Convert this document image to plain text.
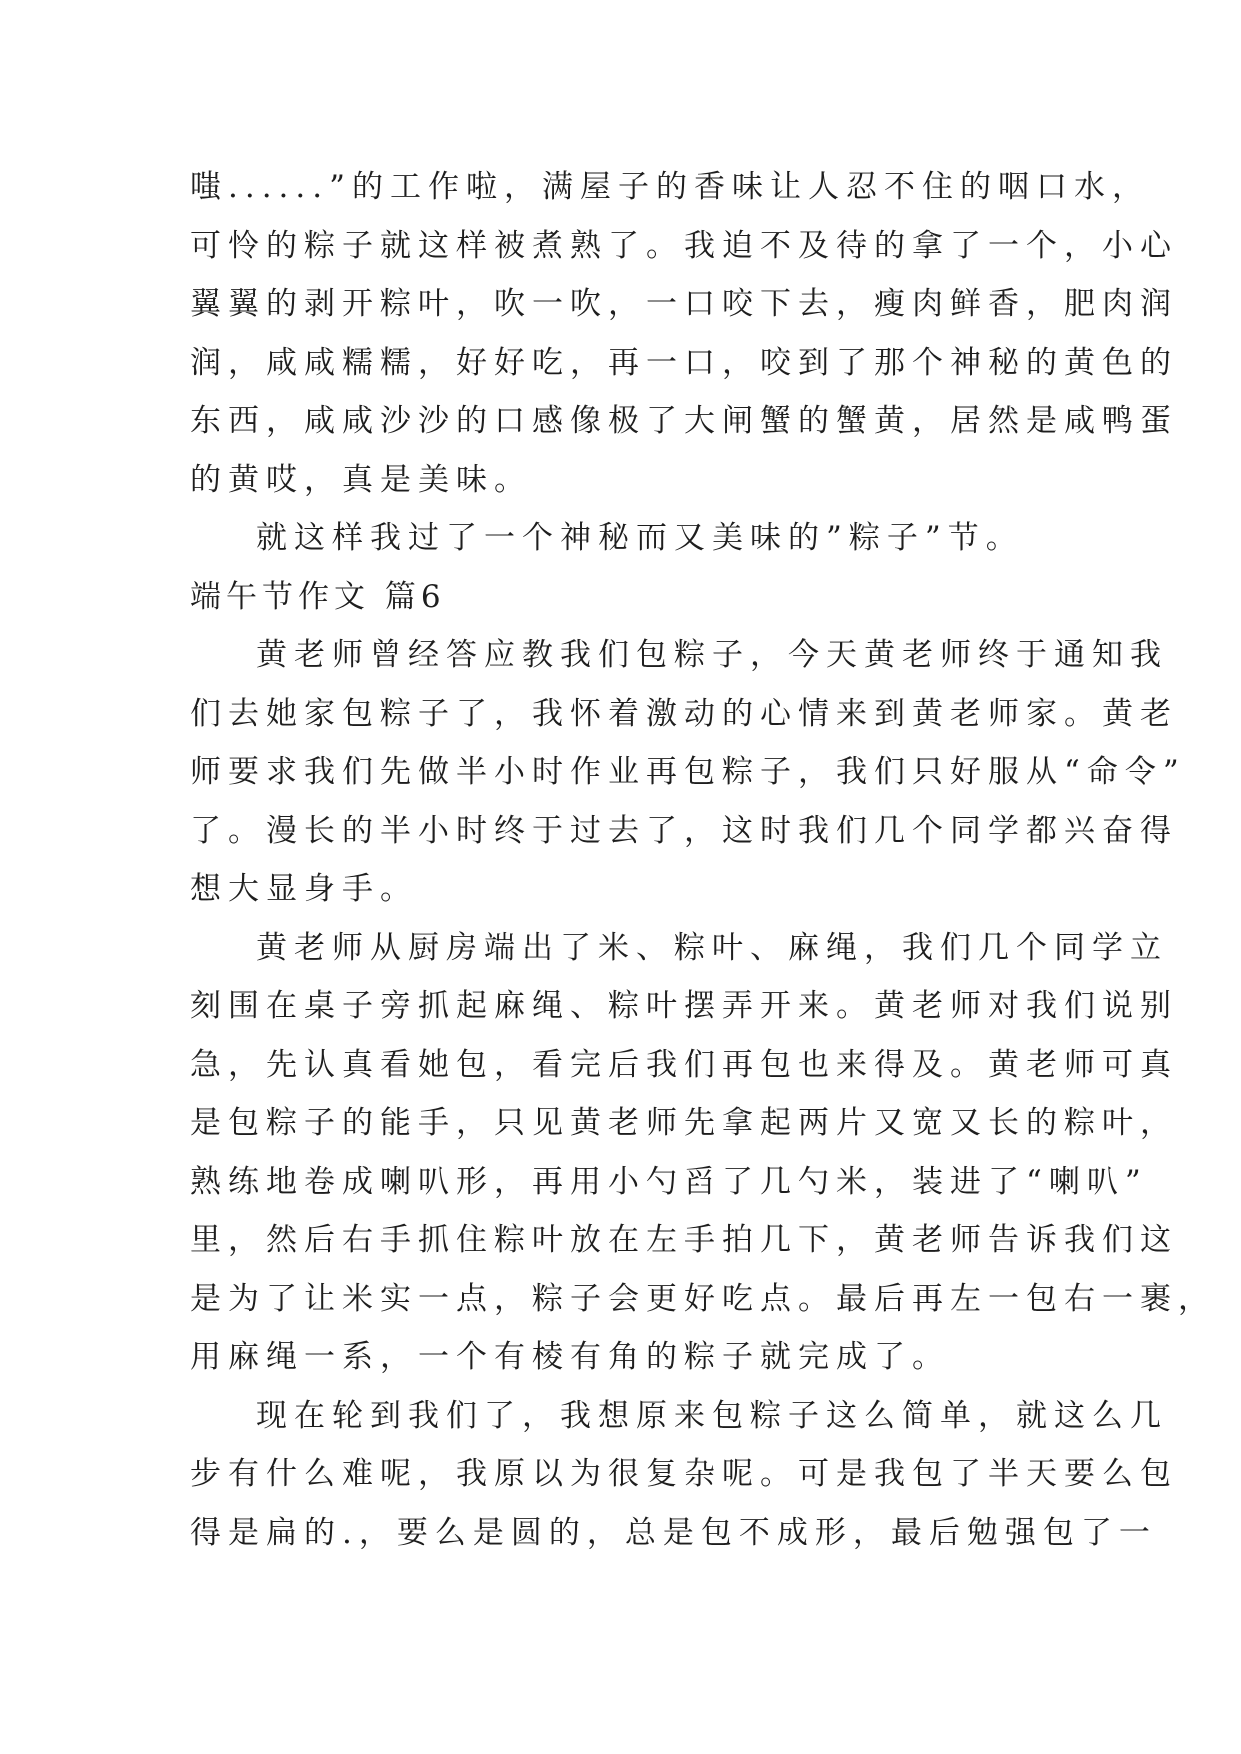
嗤......”的工作啦，满屋子的香味让人忍不住的咽口水，
可怜的粽子就这样被煮熟了。我迫不及待的拿了一个，小心
翼翼的剥开粽叶，吹一吹，一口咬下去，瘦肉鲜香，肥肉润
润，咸咸糯糯，好好吃，再一口，咬到了那个神秘的黄色的
东西，咸咸沙沙的口感像极了大闸蟹的蟹黄，居然是咸鸭蛋
的黄哎，真是美味。
就这样我过了一个神秘而又美味的”粽子”节。
端午节作文 篇6
黄老师曾经答应教我们包粽子，今天黄老师终于通知我
们去她家包粽子了，我怀着激动的心情来到黄老师家。黄老
师要求我们先做半小时作业再包粽子，我们只好服从“命令”
了。漫长的半小时终于过去了，这时我们几个同学都兴奋得
想大显身手。
黄老师从厨房端出了米、粽叶、麻绳，我们几个同学立
刻围在桌子旁抓起麻绳、粽叶摆弄开来。黄老师对我们说别
急，先认真看她包，看完后我们再包也来得及。黄老师可真
是包粽子的能手，只见黄老师先拿起两片又宽又长的粽叶，
熟练地卷成喇叭形，再用小勺舀了几勺米，装进了“喇叭”
里，然后右手抓住粽叶放在左手拍几下，黄老师告诉我们这
是为了让米实一点，粽子会更好吃点。最后再左一包右一裹，
用麻绳一系，一个有棱有角的粽子就完成了。
现在轮到我们了，我想原来包粽子这么简单，就这么几
步有什么难呢，我原以为很复杂呢。可是我包了半天要么包
得是扁的.，要么是圆的，总是包不成形，最后勉强包了一
